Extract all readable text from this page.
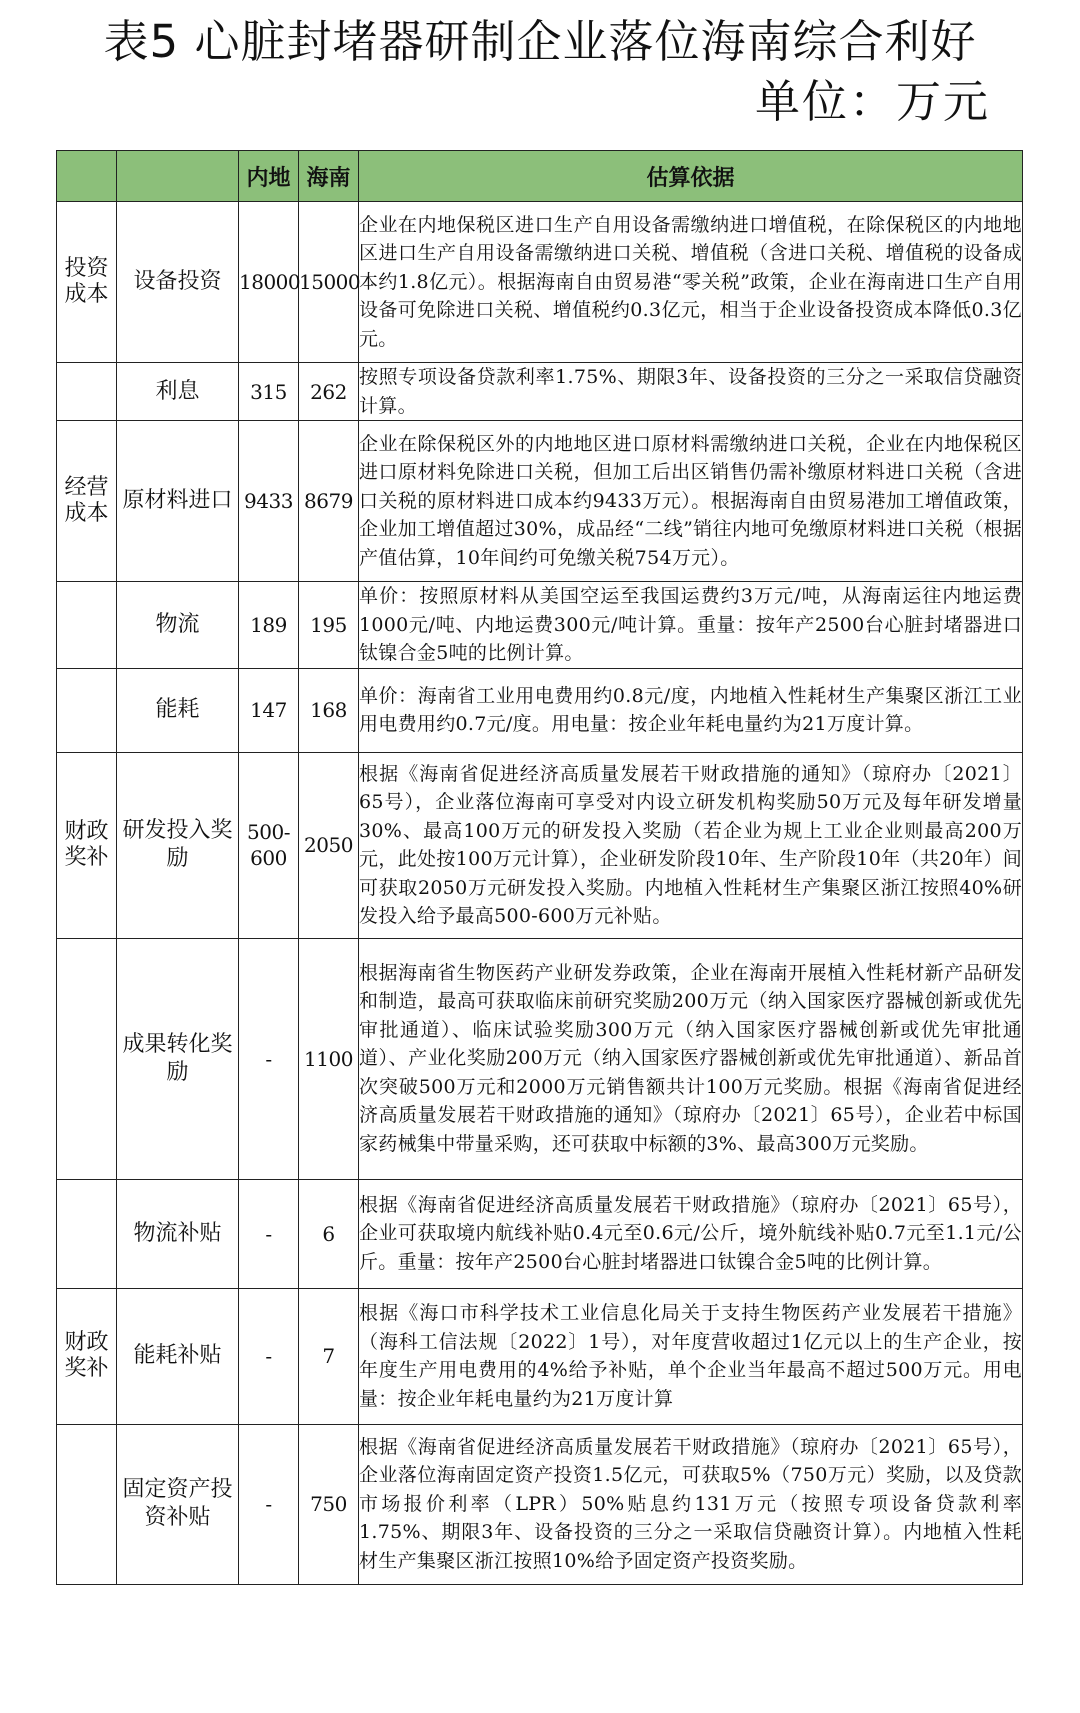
表5 心脏封堵器研制企业落位海南综合利好
单位：万元
		内地	海南	估算依据
投资
成本	设备投资	18000	15000	企业在内地保税区进口生产自用设备需缴纳进口增值税，在除保税区的内地地区进口生产自用设备需缴纳进口关税、增值税（含进口关税、增值税的设备成本约1.8亿元）。根据海南自由贸易港“零关税”政策，企业在海南进口生产自用设备可免除进口关税、增值税约0.3亿元，相当于企业设备投资成本降低0.3亿元。
	利息	315	262	按照专项设备贷款利率1.75%、期限3年、设备投资的三分之一采取信贷融资计算。
经营
成本	原材料进口	9433	8679	企业在除保税区外的内地地区进口原材料需缴纳进口关税，企业在内地保税区进口原材料免除进口关税，但加工后出区销售仍需补缴原材料进口关税（含进口关税的原材料进口成本约9433万元）。根据海南自由贸易港加工增值政策，企业加工增值超过30%，成品经“二线”销往内地可免缴原材料进口关税（根据产值估算，10年间约可免缴关税754万元）。
	物流	189	195	单价：按照原材料从美国空运至我国运费约3万元/吨，从海南运往内地运费1000元/吨、内地运费300元/吨计算。重量：按年产2500台心脏封堵器进口钛镍合金5吨的比例计算。
	能耗	147	168	单价：海南省工业用电费用约0.8元/度，内地植入性耗材生产集聚区浙江工业用电费用约0.7元/度。用电量：按企业年耗电量约为21万度计算。
财政
奖补	研发投入奖励	500-
600	2050	根据《海南省促进经济高质量发展若干财政措施的通知》（琼府办〔2021〕65号），企业落位海南可享受对内设立研发机构奖励50万元及每年研发增量30%、最高100万元的研发投入奖励（若企业为规上工业企业则最高200万元，此处按100万元计算），企业研发阶段10年、生产阶段10年（共20年）间可获取2050万元研发投入奖励。内地植入性耗材生产集聚区浙江按照40%研发投入给予最高500-600万元补贴。
	成果转化奖励	-	1100	根据海南省生物医药产业研发券政策，企业在海南开展植入性耗材新产品研发和制造，最高可获取临床前研究奖励200万元（纳入国家医疗器械创新或优先审批通道）、临床试验奖励300万元（纳入国家医疗器械创新或优先审批通道）、产业化奖励200万元（纳入国家医疗器械创新或优先审批通道）、新品首次突破500万元和2000万元销售额共计100万元奖励。根据《海南省促进经济高质量发展若干财政措施的通知》（琼府办〔2021〕65号），企业若中标国家药械集中带量采购，还可获取中标额的3%、最高300万元奖励。
	物流补贴	-	6	根据《海南省促进经济高质量发展若干财政措施》（琼府办〔2021〕65号），企业可获取境内航线补贴0.4元至0.6元/公斤，境外航线补贴0.7元至1.1元/公斤。重量：按年产2500台心脏封堵器进口钛镍合金5吨的比例计算。
财政
奖补	能耗补贴	-	7	根据《海口市科学技术工业信息化局关于支持生物医药产业发展若干措施》（海科工信法规〔2022〕1号），对年度营收超过1亿元以上的生产企业，按年度生产用电费用的4%给予补贴，单个企业当年最高不超过500万元。用电量：按企业年耗电量约为21万度计算
	固定资产投资补贴	-	750	根据《海南省促进经济高质量发展若干财政措施》（琼府办〔2021〕65号），企业落位海南固定资产投资1.5亿元，可获取5%（750万元）奖励，以及贷款市场报价利率（LPR）50%贴息约131万元（按照专项设备贷款利率1.75%、期限3年、设备投资的三分之一采取信贷融资计算）。内地植入性耗材生产集聚区浙江按照10%给予固定资产投资奖励。
